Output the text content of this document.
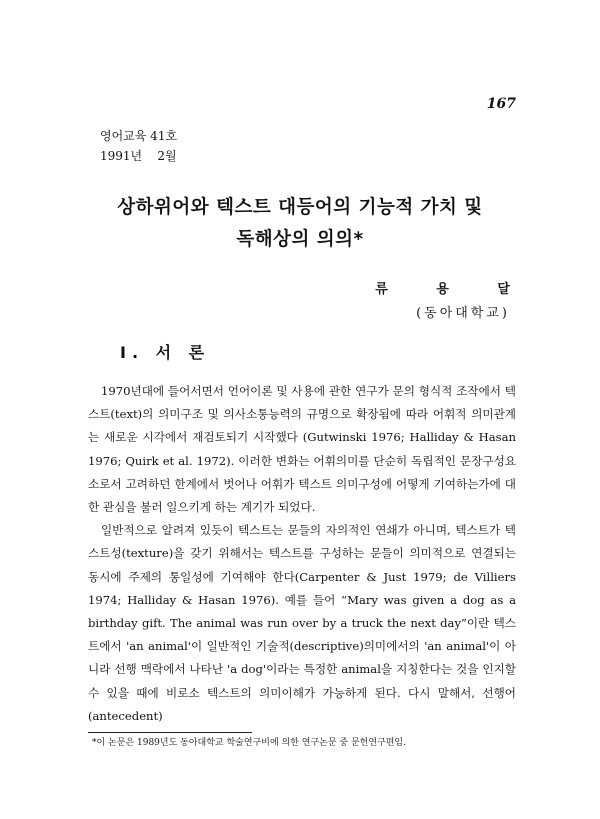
167
영어교육 41호
1991년    2월
상하위어와 텍스트 대등어의 기능적 가치 및
독해상의 의의*
류 용 달
(동아대학교)
I. 서 론

1970년대에 들어서면서 언어이론 및 사용에 관한 연구가 문의 형식적 조작에서 텍스트(text)의 의미구조 및 의사소통능력의 규명으로 확장됨에 따라 어휘적 의미관계는 새로운 시각에서 재검토되기 시작했다 (Gutwinski 1976; Halliday & Hasan 1976; Quirk et al. 1972). 이러한 변화는 어휘의미를 단순히 독립적인 문장구성요소로서 고려하던 한계에서 벗어나 어휘가 텍스트 의미구성에 어떻게 기여하는가에 대한 관심을 불러 일으키게 하는 계기가 되었다.

일반적으로 알려져 있듯이 텍스트는 문들의 자의적인 연쇄가 아니며, 텍스트가 텍스트성(texture)을 갖기 위해서는 텍스트를 구성하는 문들이 의미적으로 연결되는 동시에 주제의 통일성에 기여해야 한다(Carpenter & Just 1979; de Villiers 1974; Halliday & Hasan 1976). 예를 들어 “Mary was given a dog as a birthday gift. The animal was run over by a truck the next day”이란 텍스트에서 'an animal'이 일반적인 기술적(descriptive)의미에서의 'an animal'이 아니라 선행 맥락에서 나타난 'a dog'이라는 특정한 animal을 지칭한다는 것을 인지할 수 있을 때에 비로소 텍스트의 의미이해가 가능하게 된다. 다시 말해서, 선행어(antecedent)

*이 논문은 1989년도 동아대학교 학술연구비에 의한 연구논문 중 문헌연구편임.
